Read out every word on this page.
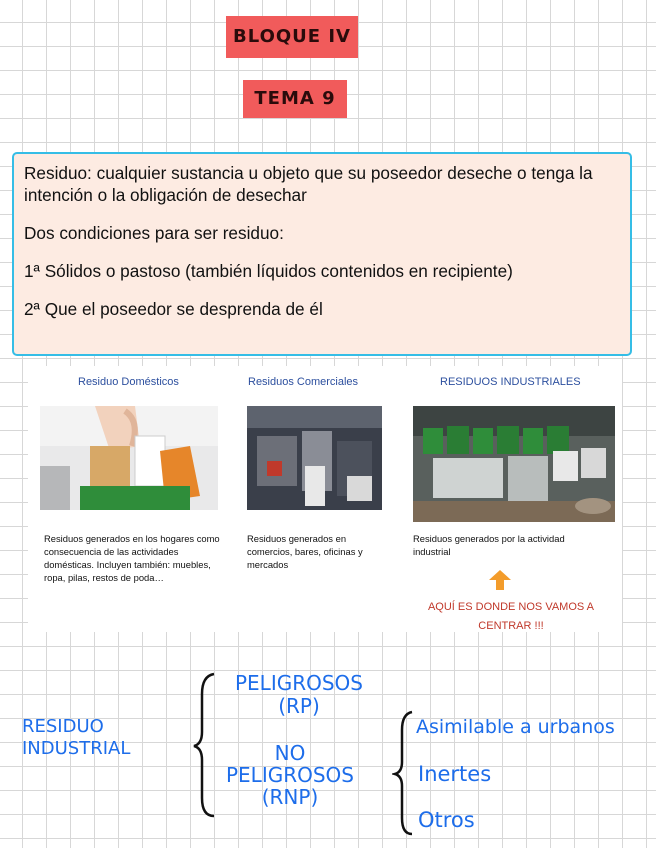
BLOQUE IV
TEMA 9

Residuo: cualquier sustancia u objeto que su poseedor deseche o tenga la intención o la obligación de desechar

Dos condiciones para ser residuo:

1ª Sólidos o pastoso (también líquidos contenidos en recipiente)

2ª Que el poseedor se desprenda de él

Residuo Domésticos	Residuos Comerciales	RESIDUOS INDUSTRIALES
Residuos generados en los hogares como consecuencia de las actividades domésticas. Incluyen también: muebles, ropa, pilas, restos de poda…
Residuos generados en comercios, bares, oficinas y mercados
Residuos generados por la actividad industrial
AQUÍ ES DONDE NOS VAMOS A CENTRAR !!!
RESIDUO
INDUSTRIAL
PELIGROSOS
(RP)
NO
PELIGROSOS
(RNP)
Asimilable a urbanos
Inertes
Otros
